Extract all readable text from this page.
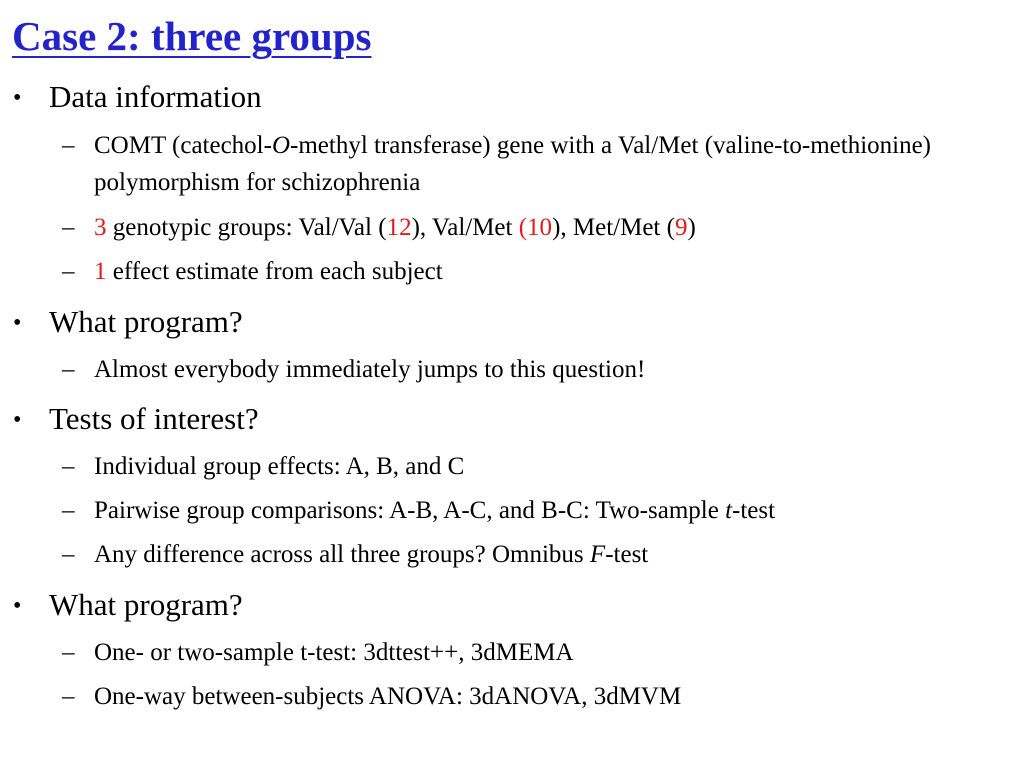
Case 2: three groups
• Data information
– COMT (catechol-O-methyl transferase) gene with a Val/Met (valine-to-methionine) polymorphism for schizophrenia
– 3 genotypic groups: Val/Val (12), Val/Met (10), Met/Met (9)
– 1 effect estimate from each subject
• What program?
– Almost everybody immediately jumps to this question!
• Tests of interest?
– Individual group effects: A, B, and C
– Pairwise group comparisons: A-B, A-C, and B-C: Two-sample t-test
– Any difference across all three groups? Omnibus F-test
• What program?
– One- or two-sample t-test: 3dttest++, 3dMEMA
– One-way between-subjects ANOVA: 3dANOVA, 3dMVM
